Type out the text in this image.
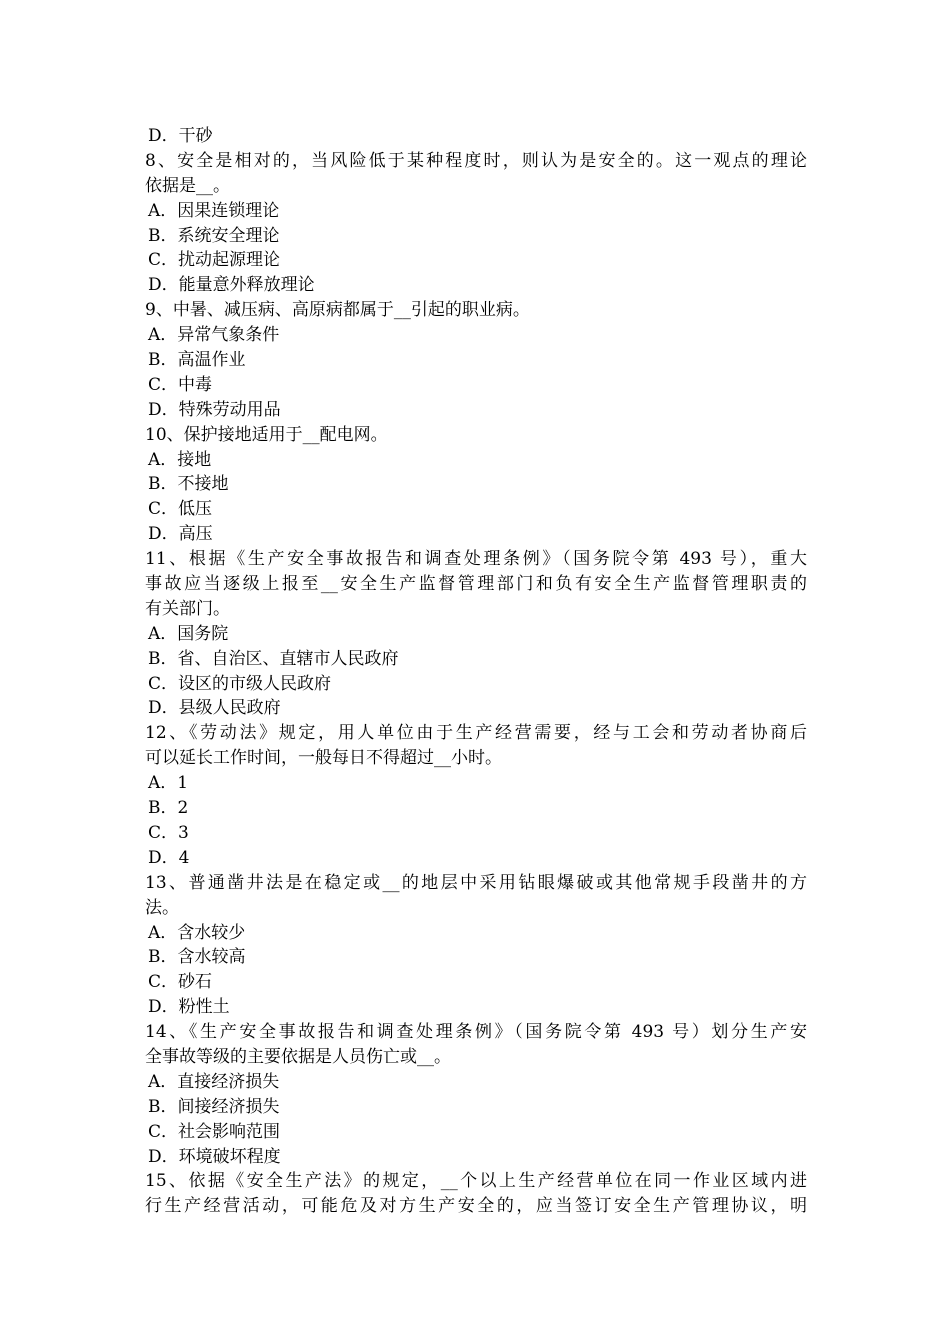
D．干砂
8、安全是相对的，当风险低于某种程度时，则认为是安全的。这一观点的理论
依据是__。
A．因果连锁理论
B．系统安全理论
C．扰动起源理论
D．能量意外释放理论
9、中暑、减压病、高原病都属于__引起的职业病。
A．异常气象条件
B．高温作业
C．中毒
D．特殊劳动用品
10、保护接地适用于__配电网。
A．接地
B．不接地
C．低压
D．高压
11、根据《生产安全事故报告和调查处理条例》（国务院令第 493 号），重大
事故应当逐级上报至__安全生产监督管理部门和负有安全生产监督管理职责的
有关部门。
A．国务院
B．省、自治区、直辖市人民政府
C．设区的市级人民政府
D．县级人民政府
12、《劳动法》规定，用人单位由于生产经营需要，经与工会和劳动者协商后
可以延长工作时间，一般每日不得超过__小时。
A．1
B．2
C．3
D．4
13、普通凿井法是在稳定或__的地层中采用钻眼爆破或其他常规手段凿井的方
法。
A．含水较少
B．含水较高
C．砂石
D．粉性土
14、《生产安全事故报告和调查处理条例》（国务院令第 493 号）划分生产安
全事故等级的主要依据是人员伤亡或__。
A．直接经济损失
B．间接经济损失
C．社会影响范围
D．环境破坏程度
15、依据《安全生产法》的规定，__个以上生产经营单位在同一作业区域内进
行生产经营活动，可能危及对方生产安全的，应当签订安全生产管理协议，明
